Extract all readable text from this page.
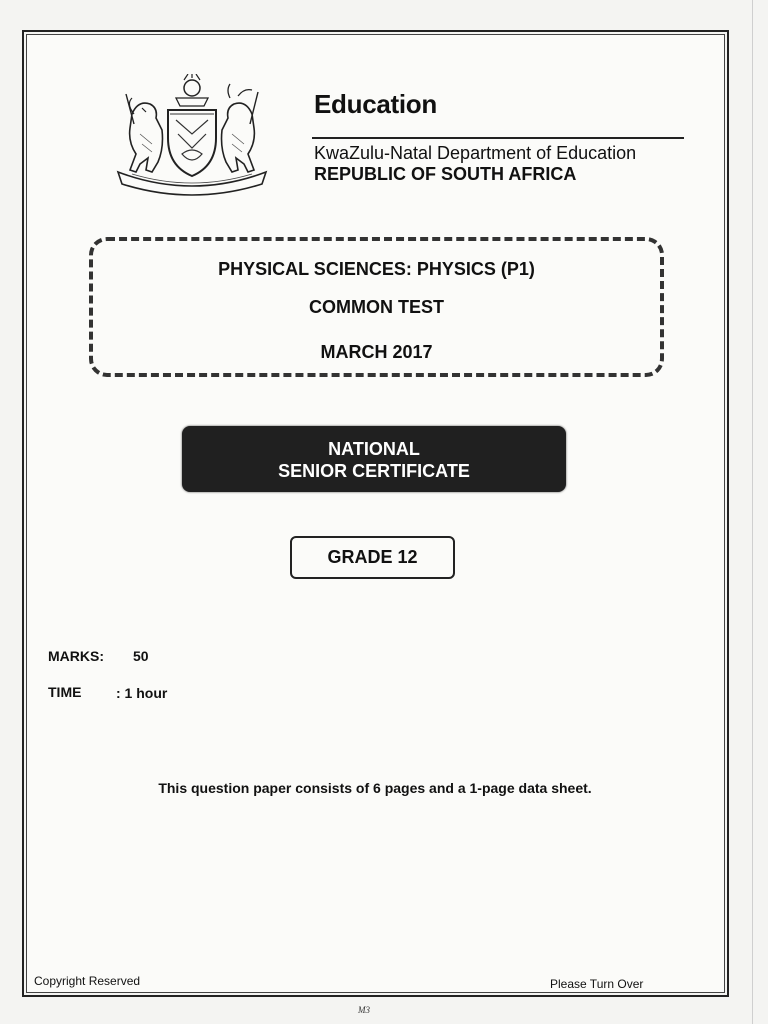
Education
KwaZulu-Natal Department of Education
REPUBLIC OF SOUTH AFRICA
PHYSICAL SCIENCES: PHYSICS (P1)
COMMON TEST
MARCH 2017
NATIONAL
SENIOR CERTIFICATE
GRADE 12
MARKS: 50
TIME : 1 hour
This question paper consists of 6 pages and a 1-page data sheet.
Copyright Reserved	Please Turn Over
M3
